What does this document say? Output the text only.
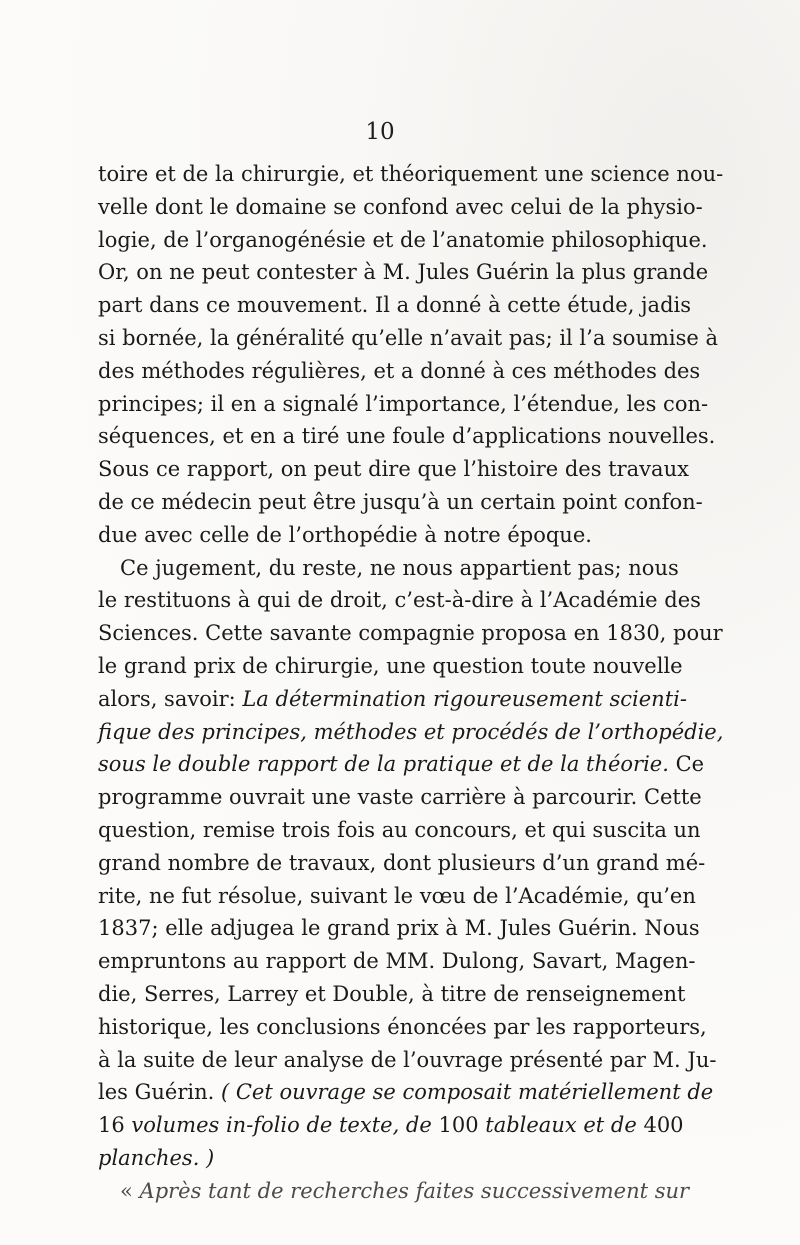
10
toire et de la chirurgie, et théoriquement une science nou-
velle dont le domaine se confond avec celui de la physio-
logie, de l’organogénésie et de l’anatomie philosophique.
Or, on ne peut contester à M. Jules Guérin la plus grande
part dans ce mouvement. Il a donné à cette étude, jadis
si bornée, la généralité qu’elle n’avait pas; il l’a soumise à
des méthodes régulières, et a donné à ces méthodes des
principes; il en a signalé l’importance, l’étendue, les con-
séquences, et en a tiré une foule d’applications nouvelles.
Sous ce rapport, on peut dire que l’histoire des travaux
de ce médecin peut être jusqu’à un certain point confon-
due avec celle de l’orthopédie à notre époque.
Ce jugement, du reste, ne nous appartient pas; nous
le restituons à qui de droit, c’est-à-dire à l’Académie des
Sciences. Cette savante compagnie proposa en 1830, pour
le grand prix de chirurgie, une question toute nouvelle
alors, savoir: La détermination rigoureusement scienti-
fique des principes, méthodes et procédés de l’orthopédie,
sous le double rapport de la pratique et de la théorie. Ce
programme ouvrait une vaste carrière à parcourir. Cette
question, remise trois fois au concours, et qui suscita un
grand nombre de travaux, dont plusieurs d’un grand mé-
rite, ne fut résolue, suivant le vœu de l’Académie, qu’en
1837; elle adjugea le grand prix à M. Jules Guérin. Nous
empruntons au rapport de MM. Dulong, Savart, Magen-
die, Serres, Larrey et Double, à titre de renseignement
historique, les conclusions énoncées par les rapporteurs,
à la suite de leur analyse de l’ouvrage présenté par M. Ju-
les Guérin. ( Cet ouvrage se composait matériellement de
16 volumes in-folio de texte, de 100 tableaux et de 400
planches. )
« Après tant de recherches faites successivement sur
